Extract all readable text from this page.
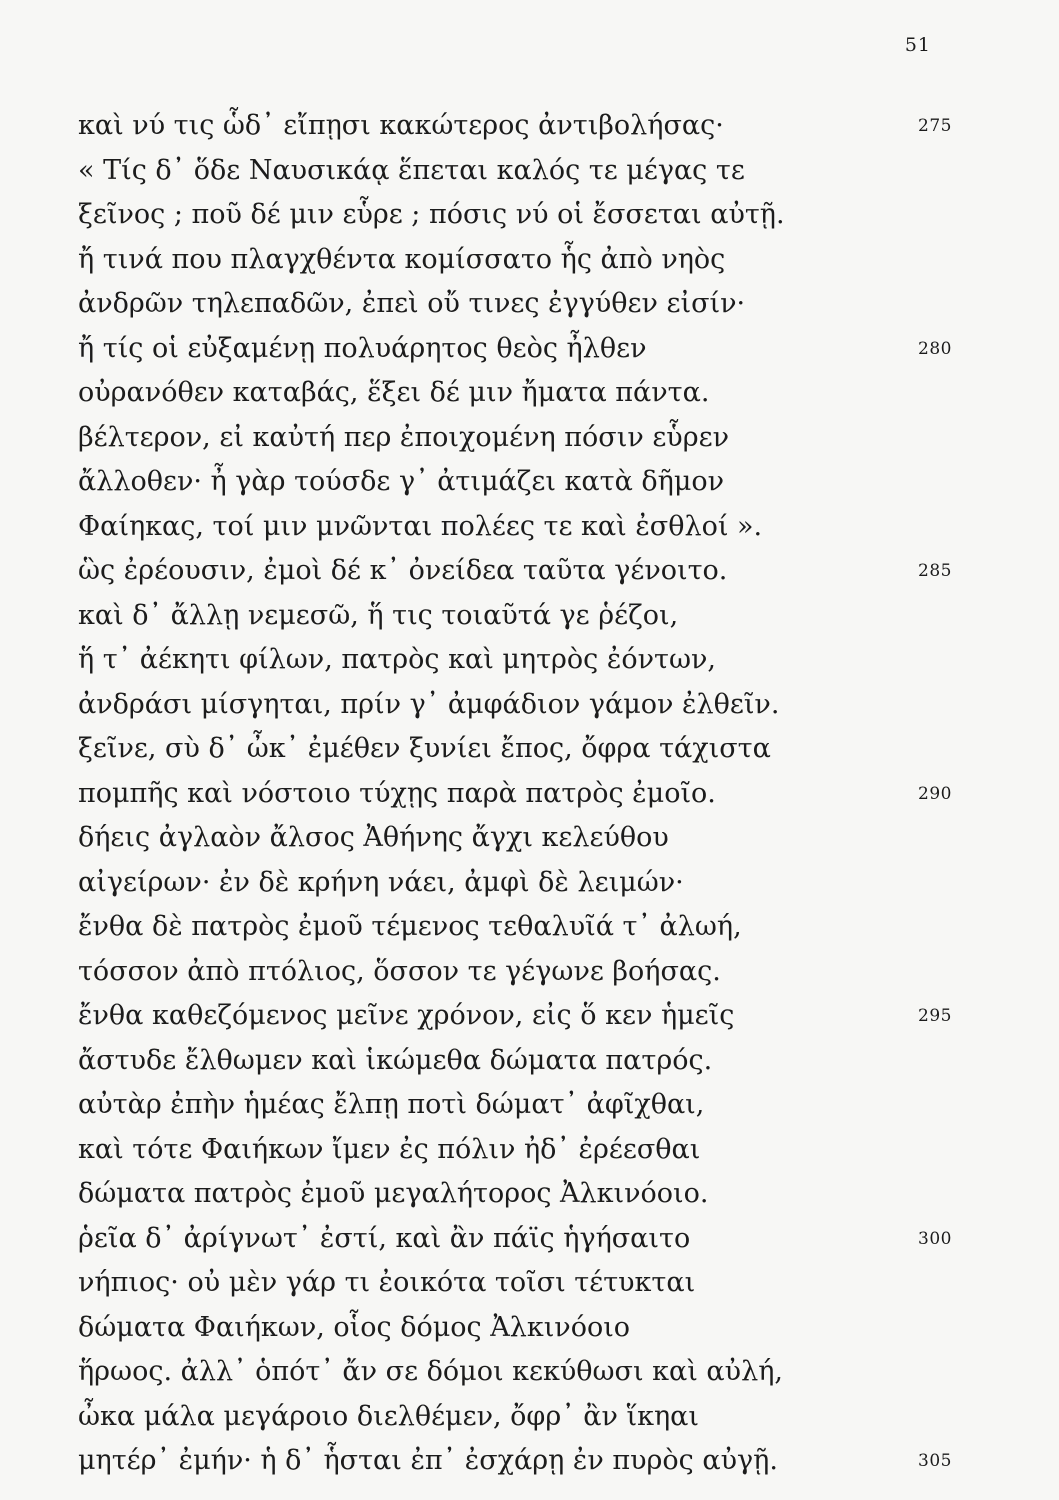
51
καὶ νύ τις ὧδ᾽ εἴπῃσι κακώτερος ἀντιβολήσας·	275
« Τίς δ᾽ ὅδε Ναυσικάᾳ ἕπεται καλός τε μέγας τε
ξεῖνος ; ποῦ δέ μιν εὗρε ; πόσις νύ οἱ ἔσσεται αὐτῇ.
ἤ τινά που πλαγχθέντα κομίσσατο ἧς ἀπὸ νηὸς
ἀνδρῶν τηλεπαδῶν, ἐπεὶ οὔ τινες ἐγγύθεν εἰσίν·
ἤ τίς οἱ εὐξαμένῃ πολυάρητος θεὸς ἦλθεν	280
οὐρανόθεν καταβάς, ἕξει δέ μιν ἤματα πάντα.
βέλτερον, εἰ καὐτή περ ἐποιχομένη πόσιν εὗρεν
ἄλλοθεν· ἦ γὰρ τούσδε γ᾽ ἀτιμάζει κατὰ δῆμον
Φαίηκας, τοί μιν μνῶνται πολέες τε καὶ ἐσθλοί ».
ὣς ἐρέουσιν, ἐμοὶ δέ κ᾽ ὀνείδεα ταῦτα γένοιτο.	285
καὶ δ᾽ ἄλλῃ νεμεσῶ, ἥ τις τοιαῦτά γε ῥέζοι,
ἥ τ᾽ ἀέκητι φίλων, πατρὸς καὶ μητρὸς ἐόντων,
ἀνδράσι μίσγηται, πρίν γ᾽ ἀμφάδιον γάμον ἐλθεῖν.
ξεῖνε, σὺ δ᾽ ὦκ᾽ ἐμέθεν ξυνίει ἔπος, ὄφρα τάχιστα
πομπῆς καὶ νόστοιο τύχῃς παρὰ πατρὸς ἐμοῖο.	290
δήεις ἀγλαὸν ἄλσος Ἀθήνης ἄγχι κελεύθου
αἰγείρων· ἐν δὲ κρήνη νάει, ἀμφὶ δὲ λειμών·
ἔνθα δὲ πατρὸς ἐμοῦ τέμενος τεθαλυῖά τ᾽ ἀλωή,
τόσσον ἀπὸ πτόλιος, ὅσσον τε γέγωνε βοήσας.
ἔνθα καθεζόμενος μεῖνε χρόνον, εἰς ὅ κεν ἡμεῖς	295
ἄστυδε ἔλθωμεν καὶ ἱκώμεθα δώματα πατρός.
αὐτὰρ ἐπὴν ἡμέας ἔλπῃ ποτὶ δώματ᾽ ἀφῖχθαι,
καὶ τότε Φαιήκων ἴμεν ἐς πόλιν ἠδ᾽ ἐρέεσθαι
δώματα πατρὸς ἐμοῦ μεγαλήτορος Ἀλκινόοιο.
ῥεῖα δ᾽ ἀρίγνωτ᾽ ἐστί, καὶ ἂν πάϊς ἡγήσαιτο	300
νήπιος· οὐ μὲν γάρ τι ἐοικότα τοῖσι τέτυκται
δώματα Φαιήκων, οἷος δόμος Ἀλκινόοιο
ἥρωος. ἀλλ᾽ ὁπότ᾽ ἄν σε δόμοι κεκύθωσι καὶ αὐλή,
ὦκα μάλα μεγάροιο διελθέμεν, ὄφρ᾽ ἂν ἵκηαι
μητέρ᾽ ἐμήν· ἡ δ᾽ ἧσται ἐπ᾽ ἐσχάρῃ ἐν πυρὸς αὐγῇ.	305
